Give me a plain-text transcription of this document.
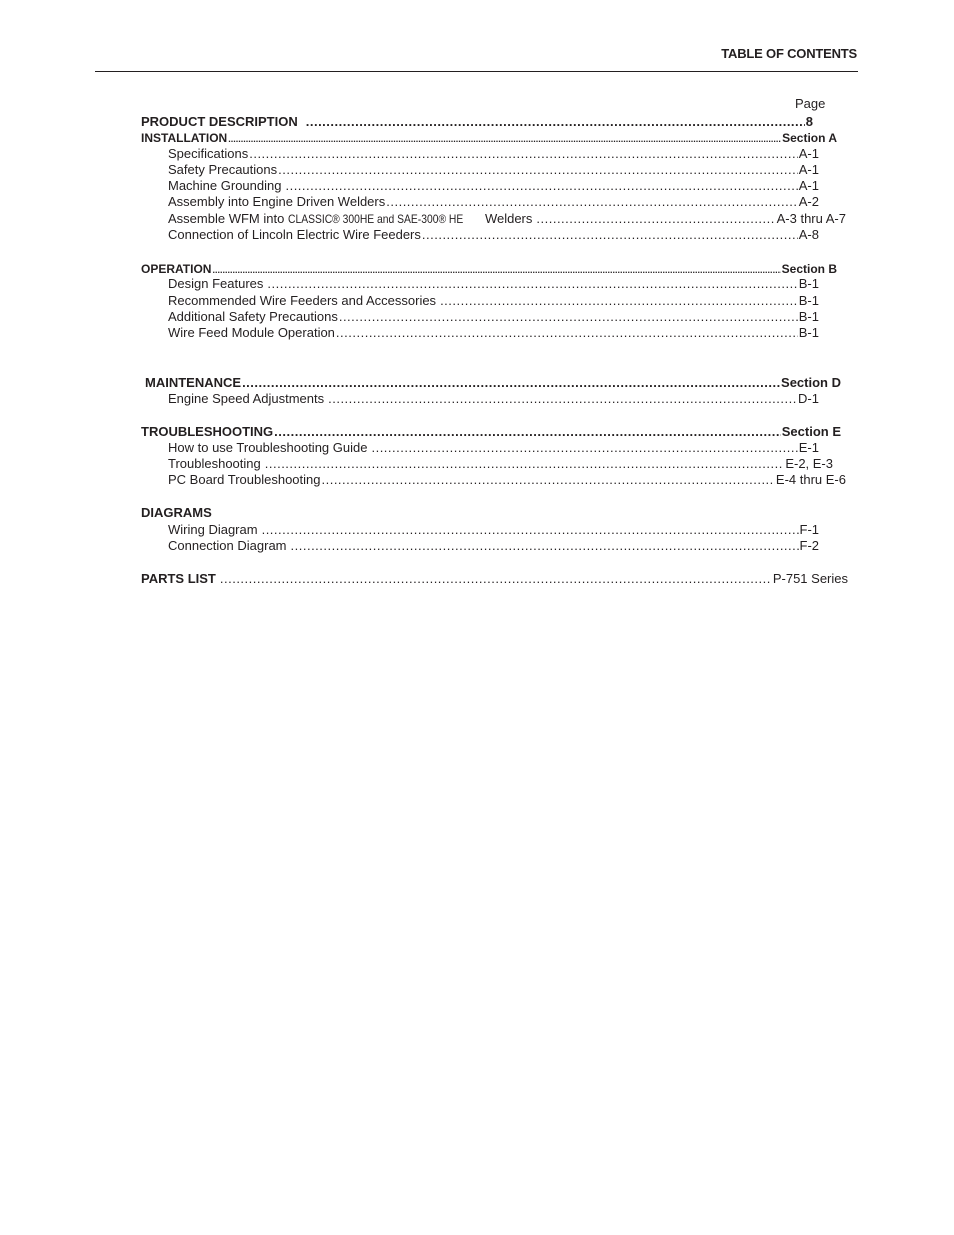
TABLE OF CONTENTS
Page
PRODUCT DESCRIPTION .....	8
INSTALLATION .....	Section A
Specifications .....	A-1
Safety Precautions .....	A-1
Machine Grounding .....	A-1
Assembly into Engine Driven Welders .....	A-2
Assemble WFM into CLASSIC® 300HE and SAE-300® HE  Welders .....	A-3 thru A-7
Connection of Lincoln Electric Wire Feeders .....	A-8
OPERATION .....	Section B
Design Features .....	B-1
Recommended Wire Feeders and Accessories .....	B-1
Additional Safety Precautions .....	B-1
Wire Feed Module Operation .....	B-1
MAINTENANCE .....	Section D
Engine Speed Adjustments .....	D-1
TROUBLESHOOTING .....	Section E
How to use Troubleshooting Guide .....	E-1
Troubleshooting .....	E-2, E-3
PC Board Troubleshooting .....	E-4 thru E-6
DIAGRAMS
Wiring Diagram .....	F-1
Connection Diagram .....	F-2
PARTS LIST .....	P-751 Series
